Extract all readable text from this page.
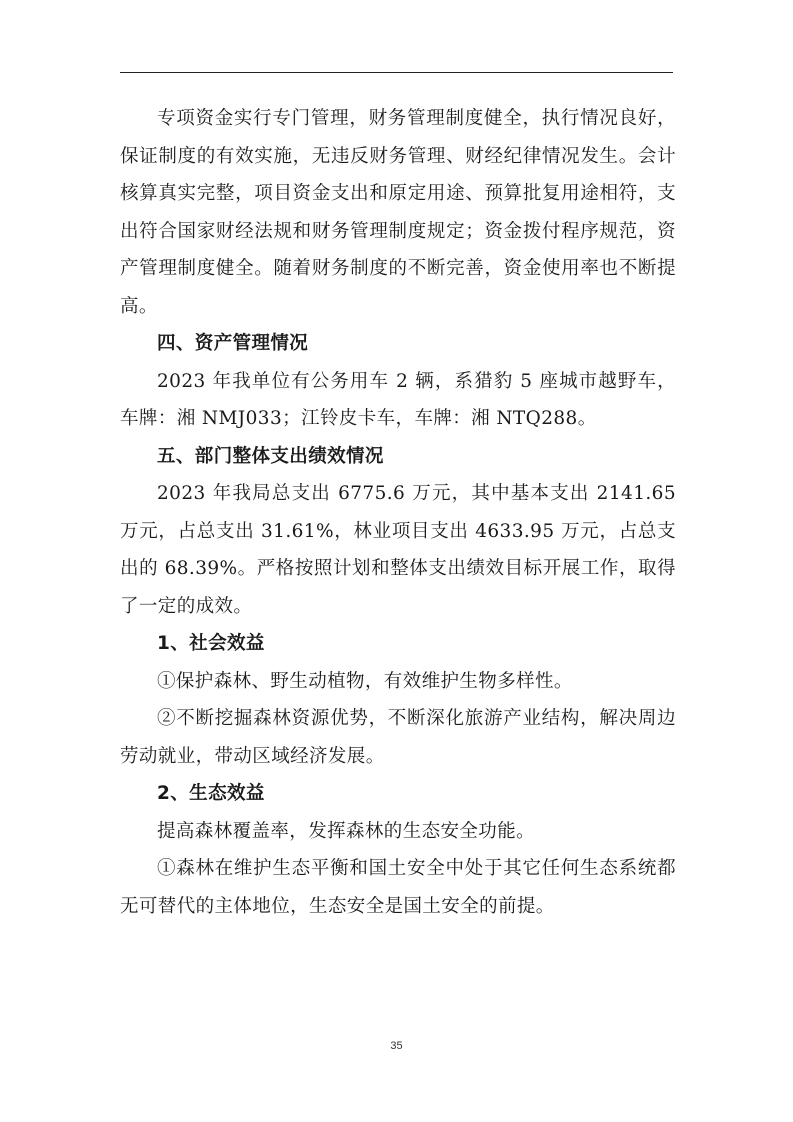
专项资金实行专门管理，财务管理制度健全，执行情况良好，保证制度的有效实施，无违反财务管理、财经纪律情况发生。会计核算真实完整，项目资金支出和原定用途、预算批复用途相符，支出符合国家财经法规和财务管理制度规定；资金拨付程序规范，资产管理制度健全。随着财务制度的不断完善，资金使用率也不断提高。

四、资产管理情况

2023 年我单位有公务用车 2 辆，系猎豹 5 座城市越野车，车牌：湘 NMJ033；江铃皮卡车，车牌：湘 NTQ288。

五、部门整体支出绩效情况

2023 年我局总支出 6775.6 万元，其中基本支出 2141.65 万元，占总支出 31.61%，林业项目支出 4633.95 万元，占总支出的 68.39%。严格按照计划和整体支出绩效目标开展工作，取得了一定的成效。

1、社会效益

①保护森林、野生动植物，有效维护生物多样性。

②不断挖掘森林资源优势，不断深化旅游产业结构，解决周边劳动就业，带动区域经济发展。

2、生态效益

提高森林覆盖率，发挥森林的生态安全功能。

①森林在维护生态平衡和国土安全中处于其它任何生态系统都无可替代的主体地位，生态安全是国土安全的前提。

35
